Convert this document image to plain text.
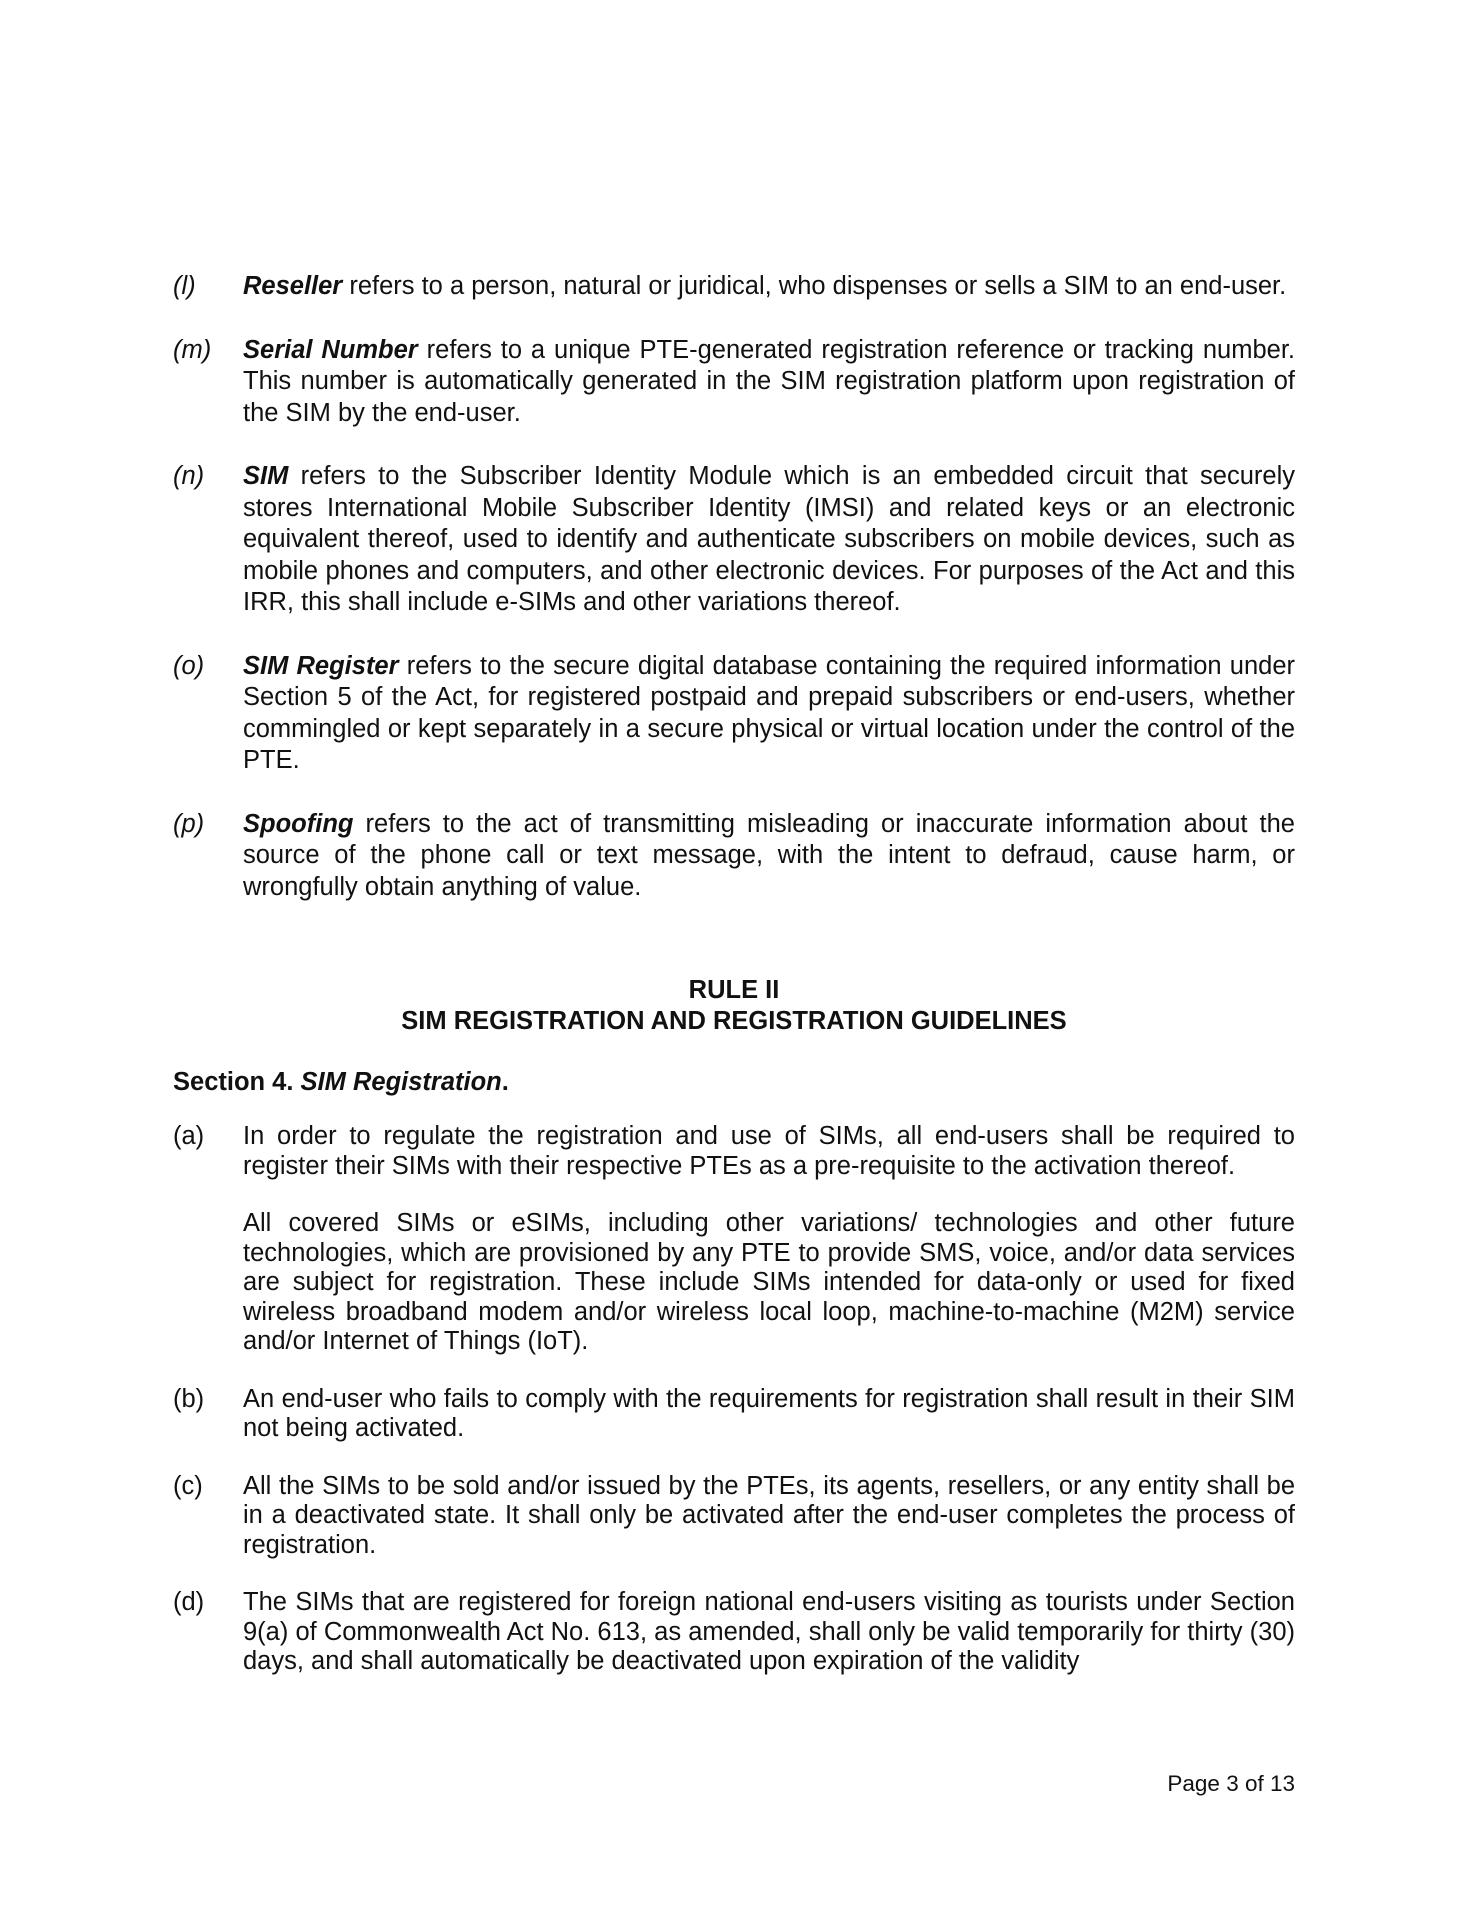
(l)	Reseller refers to a person, natural or juridical, who dispenses or sells a SIM to an end-user.
(m)	Serial Number refers to a unique PTE-generated registration reference or tracking number. This number is automatically generated in the SIM registration platform upon registration of the SIM by the end-user.
(n)	SIM refers to the Subscriber Identity Module which is an embedded circuit that securely stores International Mobile Subscriber Identity (IMSI) and related keys or an electronic equivalent thereof, used to identify and authenticate subscribers on mobile devices, such as mobile phones and computers, and other electronic devices. For purposes of the Act and this IRR, this shall include e-SIMs and other variations thereof.
(o)	SIM Register refers to the secure digital database containing the required information under Section 5 of the Act, for registered postpaid and prepaid subscribers or end-users, whether commingled or kept separately in a secure physical or virtual location under the control of the PTE.
(p)	Spoofing refers to the act of transmitting misleading or inaccurate information about the source of the phone call or text message, with the intent to defraud, cause harm, or wrongfully obtain anything of value.
RULE II
SIM REGISTRATION AND REGISTRATION GUIDELINES
Section 4. SIM Registration.
(a)	In order to regulate the registration and use of SIMs, all end-users shall be required to register their SIMs with their respective PTEs as a pre-requisite to the activation thereof.

All covered SIMs or eSIMs, including other variations/ technologies and other future technologies, which are provisioned by any PTE to provide SMS, voice, and/or data services are subject for registration. These include SIMs intended for data-only or used for fixed wireless broadband modem and/or wireless local loop, machine-to-machine (M2M) service and/or Internet of Things (IoT).

(b)	An end-user who fails to comply with the requirements for registration shall result in their SIM not being activated.

(c)	All the SIMs to be sold and/or issued by the PTEs, its agents, resellers, or any entity shall be in a deactivated state. It shall only be activated after the end-user completes the process of registration.

(d)	The SIMs that are registered for foreign national end-users visiting as tourists under Section 9(a) of Commonwealth Act No. 613, as amended, shall only be valid temporarily for thirty (30) days, and shall automatically be deactivated upon expiration of the validity

Page 3 of 13
